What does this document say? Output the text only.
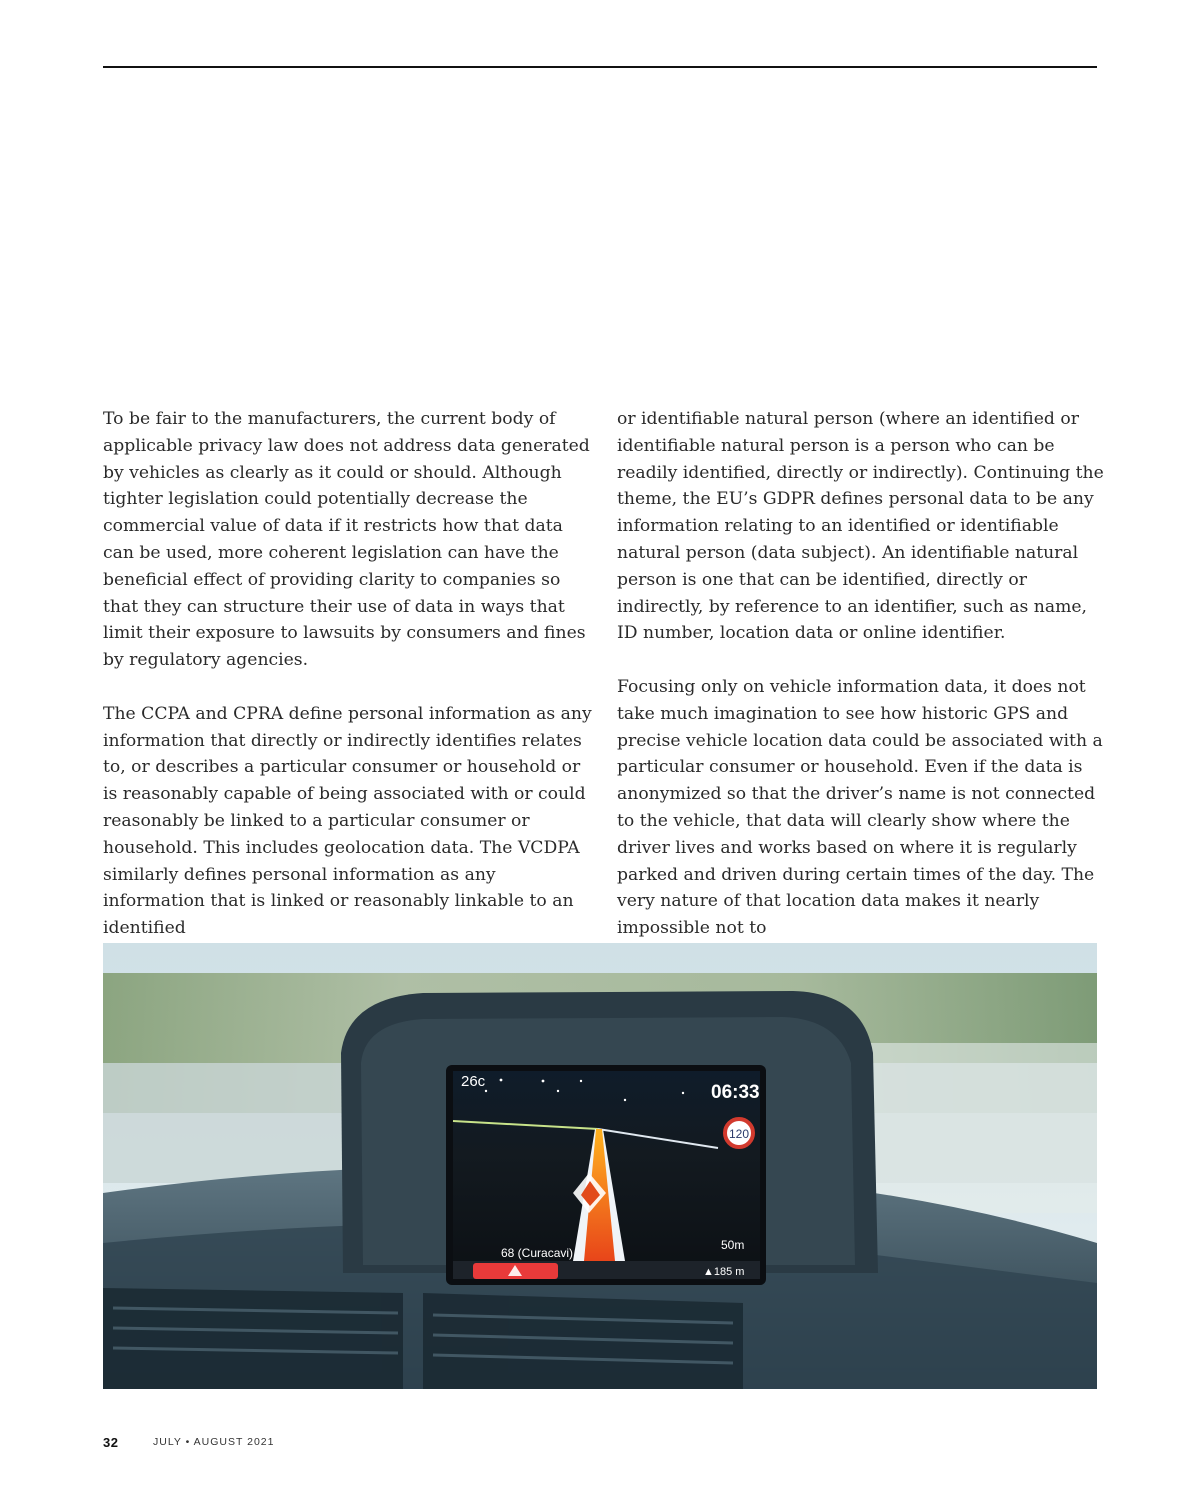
To be fair to the manufacturers, the current body of applicable privacy law does not address data generated by vehicles as clearly as it could or should. Although tighter legislation could potentially decrease the commercial value of data if it restricts how that data can be used, more coherent legislation can have the beneficial effect of providing clarity to companies so that they can structure their use of data in ways that limit their exposure to lawsuits by consumers and fines by regulatory agencies.

The CCPA and CPRA define personal information as any information that directly or indirectly identifies relates to, or describes a particular consumer or household or is reasonably capable of being associated with or could reasonably be linked to a particular consumer or household. This includes geolocation data. The VCDPA similarly defines personal information as any information that is linked or reasonably linkable to an identified

or identifiable natural person (where an identified or identifiable natural person is a person who can be readily identified, directly or indirectly). Continuing the theme, the EU’s GDPR defines personal data to be any information relating to an identified or identifiable natural person (data subject). An identifiable natural person is one that can be identified, directly or indirectly, by reference to an identifier, such as name, ID number, location data or online identifier.

Focusing only on vehicle information data, it does not take much imagination to see how historic GPS and precise vehicle location data could be associated with a particular consumer or household. Even if the data is anonymized so that the driver’s name is not connected to the vehicle, that data will clearly show where the driver lives and works based on where it is regularly parked and driven during certain times of the day. The very nature of that location data makes it nearly impossible not to

120
26c
06:33
50m
68 (Curacavi)
▲185 m
32	JULY • AUGUST 2021
